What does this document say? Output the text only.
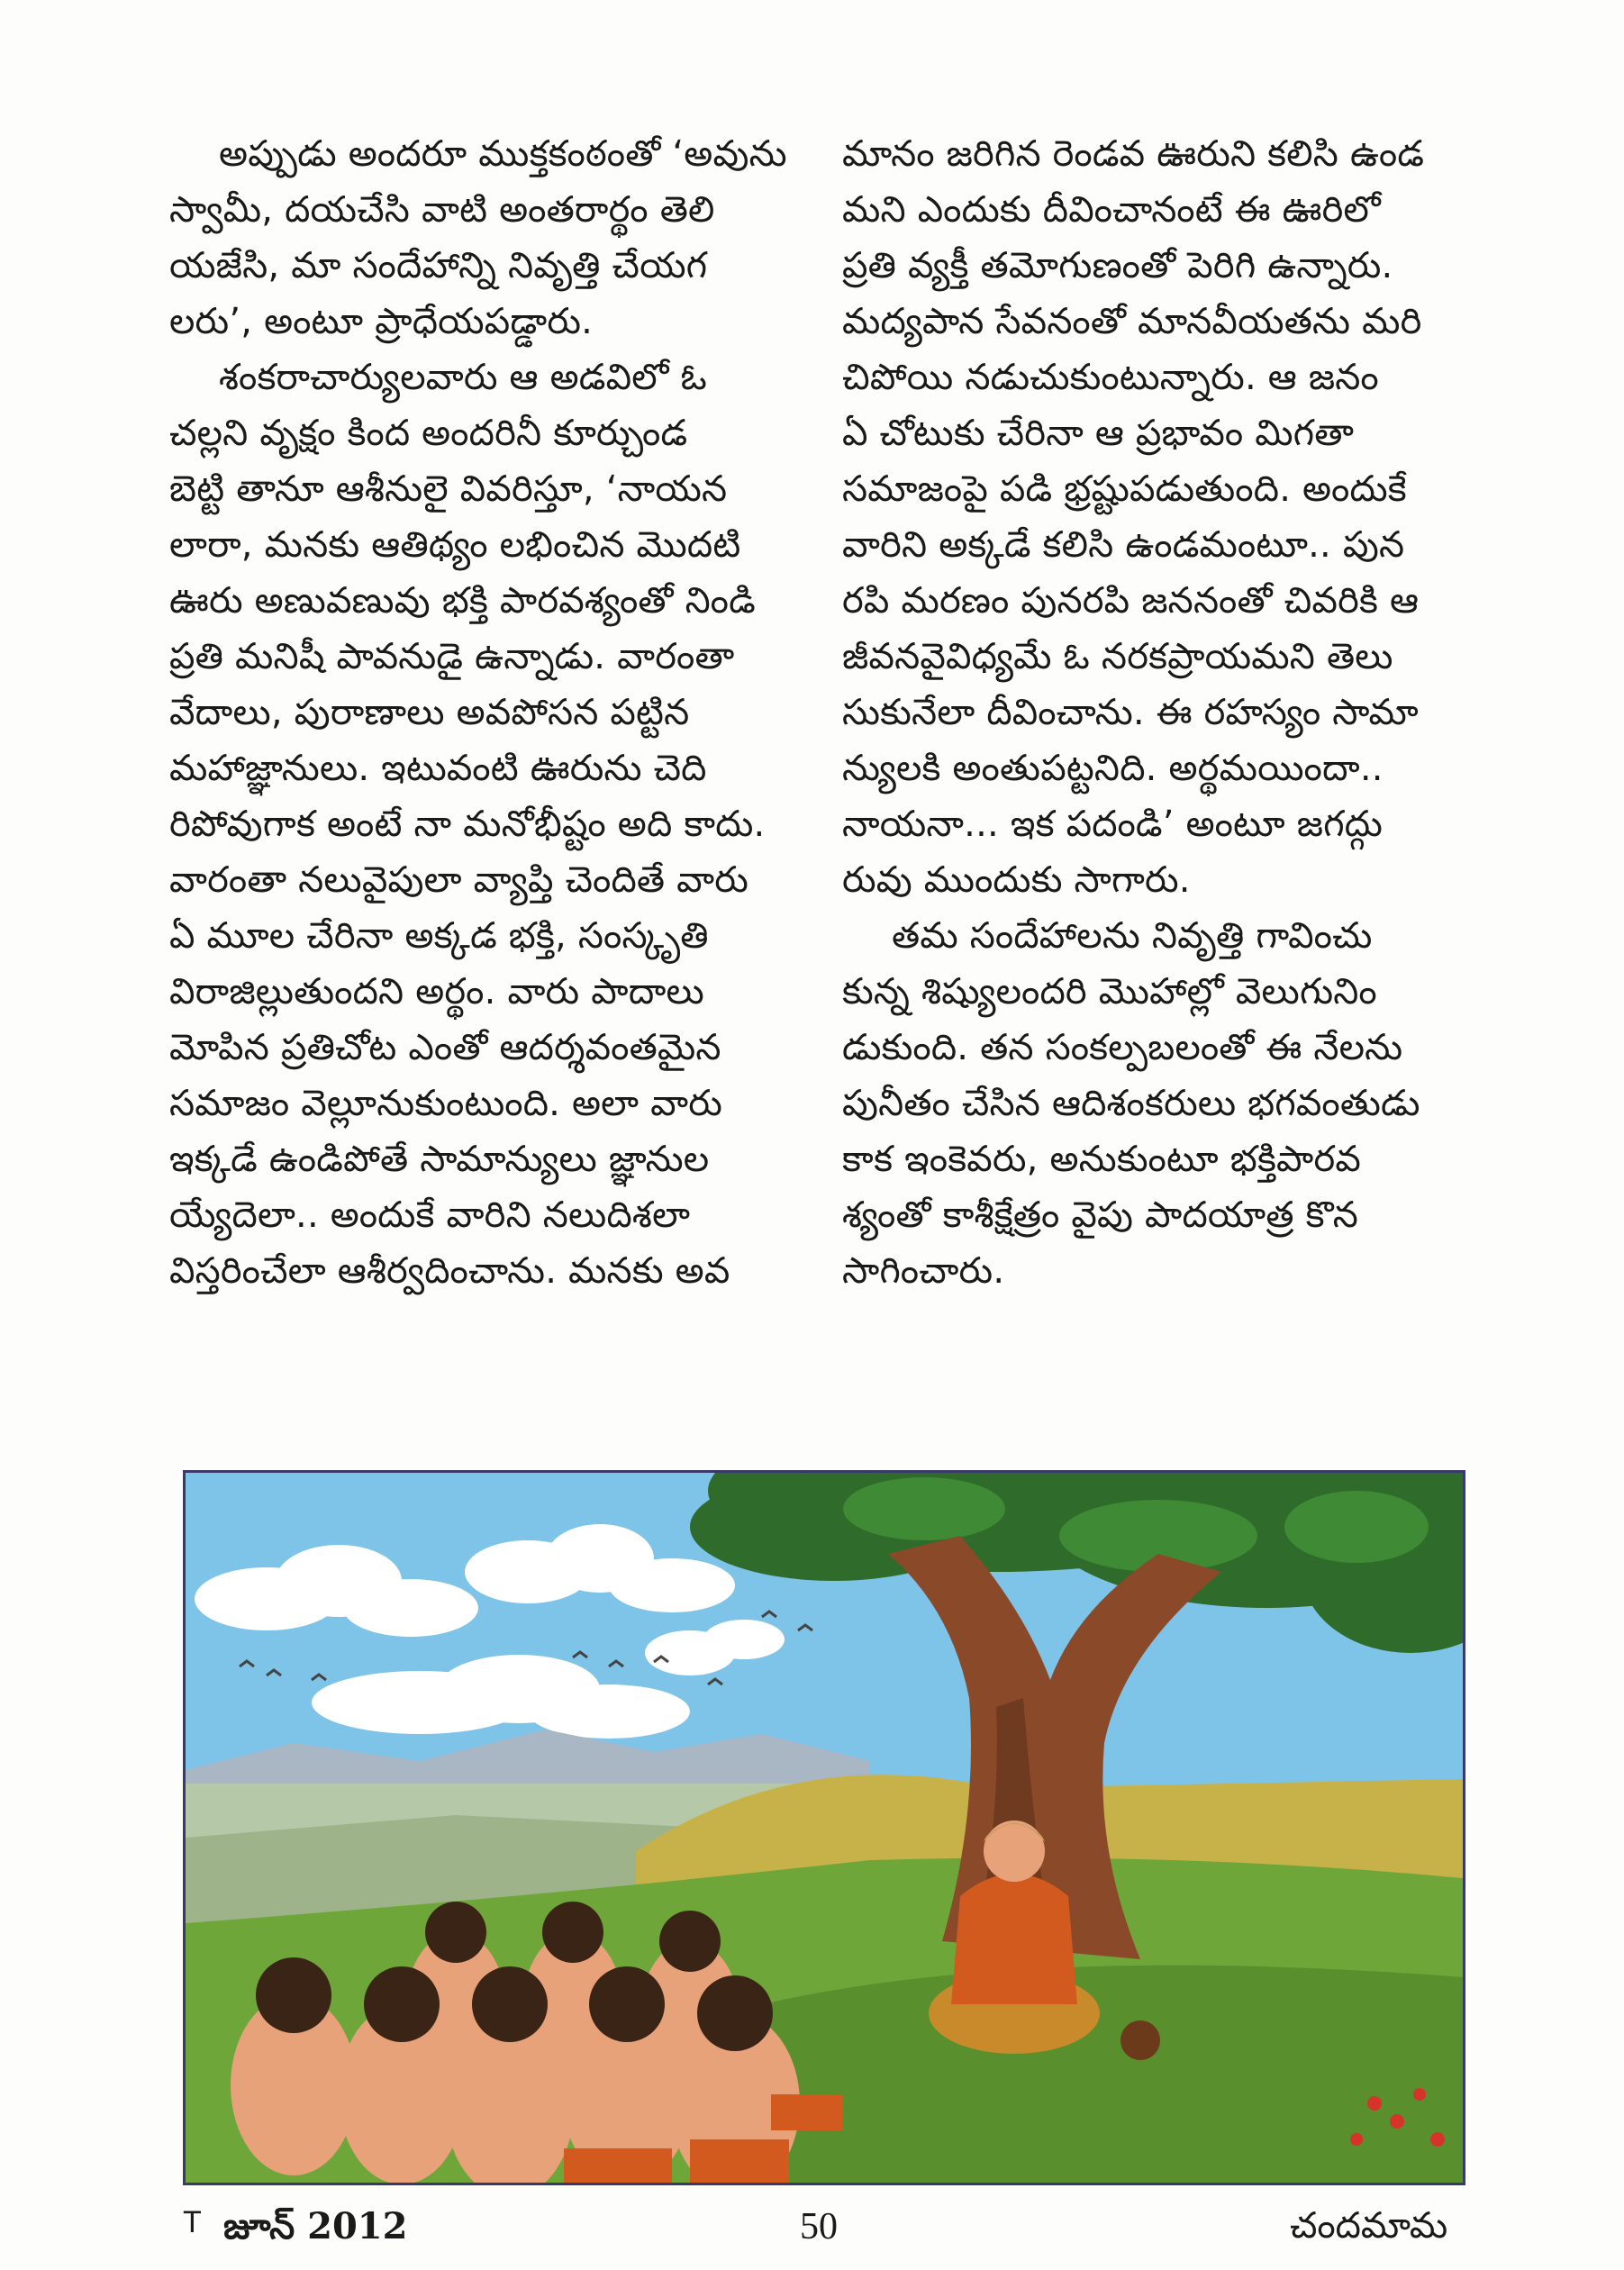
అప్పుడు అందరూ ముక్తకంఠంతో ‘అవును
స్వామీ, దయచేసి వాటి అంతరార్థం తెలి
యజేసి, మా సందేహాన్ని నివృత్తి చేయగ
లరు’, అంటూ ప్రాధేయపడ్డారు.
శంకరాచార్యులవారు ఆ అడవిలో ఓ
చల్లని వృక్షం కింద అందరినీ కూర్చుండ
బెట్టి తానూ ఆశీనులై వివరిస్తూ, ‘నాయన
లారా, మనకు ఆతిథ్యం లభించిన మొదటి
ఊరు అణువణువు భక్తి పారవశ్యంతో నిండి
ప్రతి మనిషీ పావనుడై ఉన్నాడు. వారంతా
వేదాలు, పురాణాలు అవపోసన పట్టిన
మహాజ్ఞానులు. ఇటువంటి ఊరును చెది
రిపోవుగాక అంటే నా మనోభీష్టం అది కాదు.
వారంతా నలువైపులా వ్యాప్తి చెందితే వారు
ఏ మూల చేరినా అక్కడ భక్తి, సంస్కృతి
విరాజిల్లుతుందని అర్థం. వారు పాదాలు
మోపిన ప్రతిచోట ఎంతో ఆదర్శవంతమైన
సమాజం వెల్లూనుకుంటుంది. అలా వారు
ఇక్కడే ఉండిపోతే సామాన్యులు జ్ఞానుల
య్యేదెలా.. అందుకే వారిని నలుదిశలా
విస్తరించేలా ఆశీర్వదించాను. మనకు అవ
మానం జరిగిన రెండవ ఊరుని కలిసి ఉండ
మని ఎందుకు దీవించానంటే ఈ ఊరిలో
ప్రతి వ్యక్తీ తమోగుణంతో పెరిగి ఉన్నారు.
మద్యపాన సేవనంతో మానవీయతను మరి
చిపోయి నడుచుకుంటున్నారు. ఆ జనం
ఏ చోటుకు చేరినా ఆ ప్రభావం మిగతా
సమాజంపై పడి భ్రష్టుపడుతుంది. అందుకే
వారిని అక్కడే కలిసి ఉండమంటూ.. పున
రపి మరణం పునరపి జననంతో చివరికి ఆ
జీవనవైవిధ్యమే ఓ నరకప్రాయమని తెలు
సుకునేలా దీవించాను. ఈ రహస్యం సామా
న్యులకి అంతుపట్టనిది. అర్థమయిందా..
నాయనా... ఇక పదండి’ అంటూ జగద్గు
రువు ముందుకు సాగారు.
తమ సందేహాలను నివృత్తి గావించు
కున్న శిష్యులందరి మొహాల్లో వెలుగునిం
డుకుంది. తన సంకల్పబలంతో ఈ నేలను
పునీతం చేసిన ఆదిశంకరులు భగవంతుడు
కాక ఇంకెవరు, అనుకుంటూ భక్తిపారవ
శ్యంతో కాశీక్షేత్రం వైపు పాదయాత్ర కొన
సాగించారు.
T జూన్ 2012	50	చందమామ
